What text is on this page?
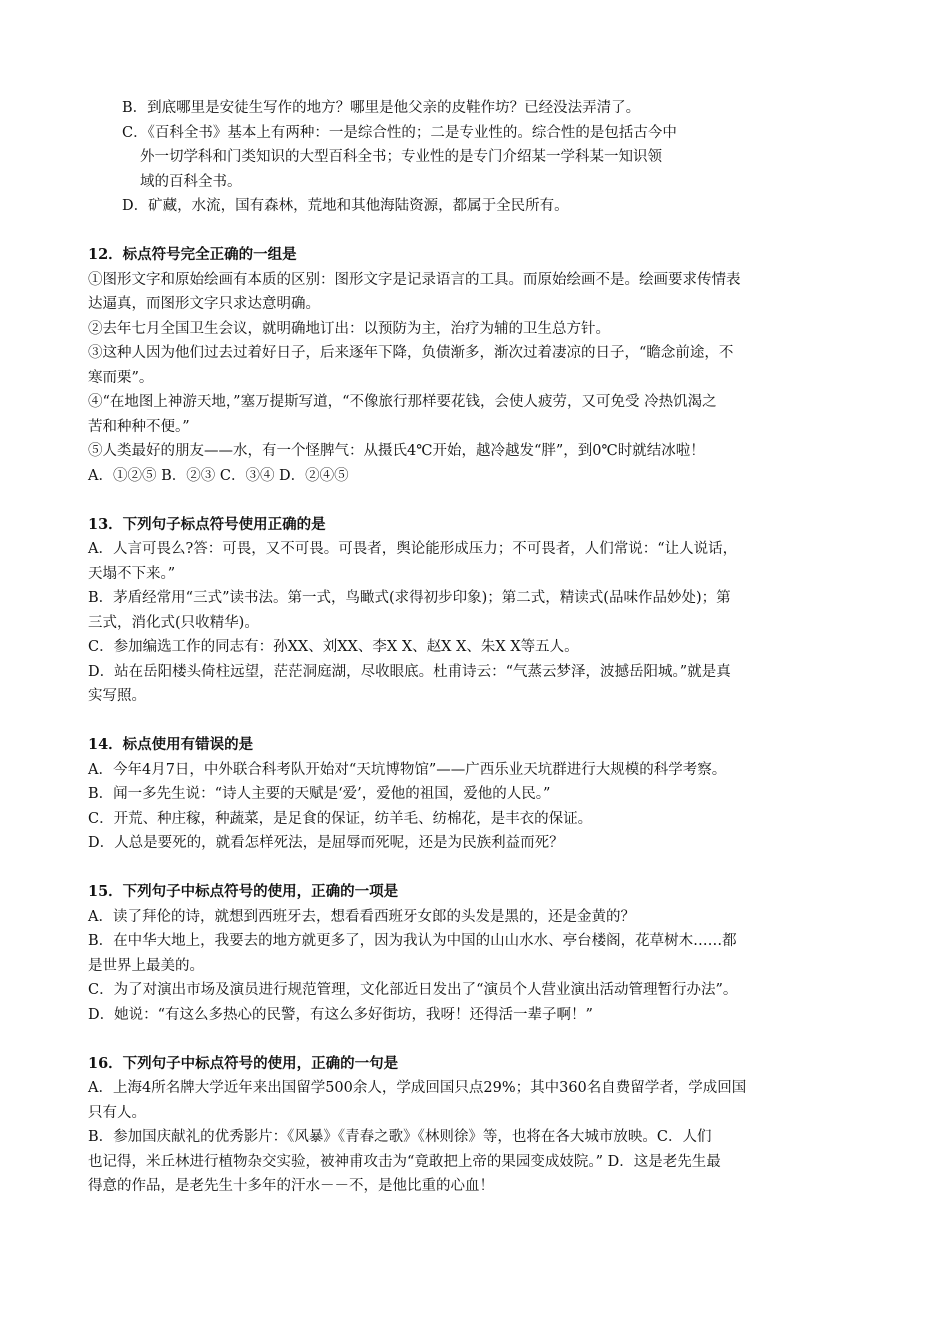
B．到底哪里是安徒生写作的地方？哪里是他父亲的皮鞋作坊？已经没法弄清了。
C．《百科全书》基本上有两种：一是综合性的；二是专业性的。综合性的是包括古今中
外一切学科和门类知识的大型百科全书；专业性的是专门介绍某一学科某一知识领
域的百科全书。
D．矿藏，水流，国有森林，荒地和其他海陆资源，都属于全民所有。
12．标点符号完全正确的一组是
①图形文字和原始绘画有本质的区别：图形文字是记录语言的工具。而原始绘画不是。绘画要求传情表
达逼真，而图形文字只求达意明确。
②去年七月全国卫生会议，就明确地订出：以预防为主，治疗为辅的卫生总方针。
③这种人因为他们过去过着好日子，后来逐年下降，负债渐多，渐次过着凄凉的日子，“瞻念前途，不
寒而栗”。
④“在地图上神游天地，”塞万提斯写道，“不像旅行那样要花钱，会使人疲劳，又可免受 冷热饥渴之
苦和种种不便。”
⑤人类最好的朋友——水，有一个怪脾气：从摄氏4℃开始，越冷越发“胖”，到0℃时就结冰啦！
A．①②⑤ B．②③ C．③④ D．②④⑤
13．下列句子标点符号使用正确的是
A．人言可畏么?答：可畏，又不可畏。可畏者，舆论能形成压力；不可畏者，人们常说：“让人说话，
天塌不下来。”
B．茅盾经常用“三式”读书法。第一式，鸟瞰式(求得初步印象)；第二式，精读式(品味作品妙处)；第
三式，消化式(只收精华)。
C．参加编选工作的同志有：孙XX、刘XX、李X X、赵X X、朱X X等五人。
D．站在岳阳楼头倚柱远望，茫茫洞庭湖，尽收眼底。杜甫诗云：“气蒸云梦泽，波撼岳阳城。”就是真
实写照。
14．标点使用有错误的是
A．今年4月7日，中外联合科考队开始对“天坑博物馆”——广西乐业天坑群进行大规模的科学考察。
B．闻一多先生说：“诗人主要的天赋是‘爱’，爱他的祖国，爱他的人民。”
C．开荒、种庄稼，种蔬菜，是足食的保证，纺羊毛、纺棉花，是丰衣的保证。
D．人总是要死的，就看怎样死法，是屈辱而死呢，还是为民族利益而死？
15．下列句子中标点符号的使用，正确的一项是
A．读了拜伦的诗，就想到西班牙去，想看看西班牙女郎的头发是黑的，还是金黄的？
B．在中华大地上，我要去的地方就更多了，因为我认为中国的山山水水、亭台楼阁，花草树木……都
是世界上最美的。
C．为了对演出市场及演员进行规范管理，文化部近日发出了“演员个人营业演出活动管理暂行办法”。
D．她说：“有这么多热心的民警，有这么多好街坊，我呀！还得活一辈子啊！”
16．下列句子中标点符号的使用，正确的一句是
A．上海4所名牌大学近年来出国留学500余人，学成回国只点29%；其中360名自费留学者，学成回国
只有人。
B．参加国庆献礼的优秀影片：《风暴》《青春之歌》《林则徐》等，也将在各大城市放映。C．人们
也记得，米丘林进行植物杂交实验，被神甫攻击为“竟敢把上帝的果园变成妓院。” D．这是老先生最
得意的作品，是老先生十多年的汗水－－不，是他比重的心血！
